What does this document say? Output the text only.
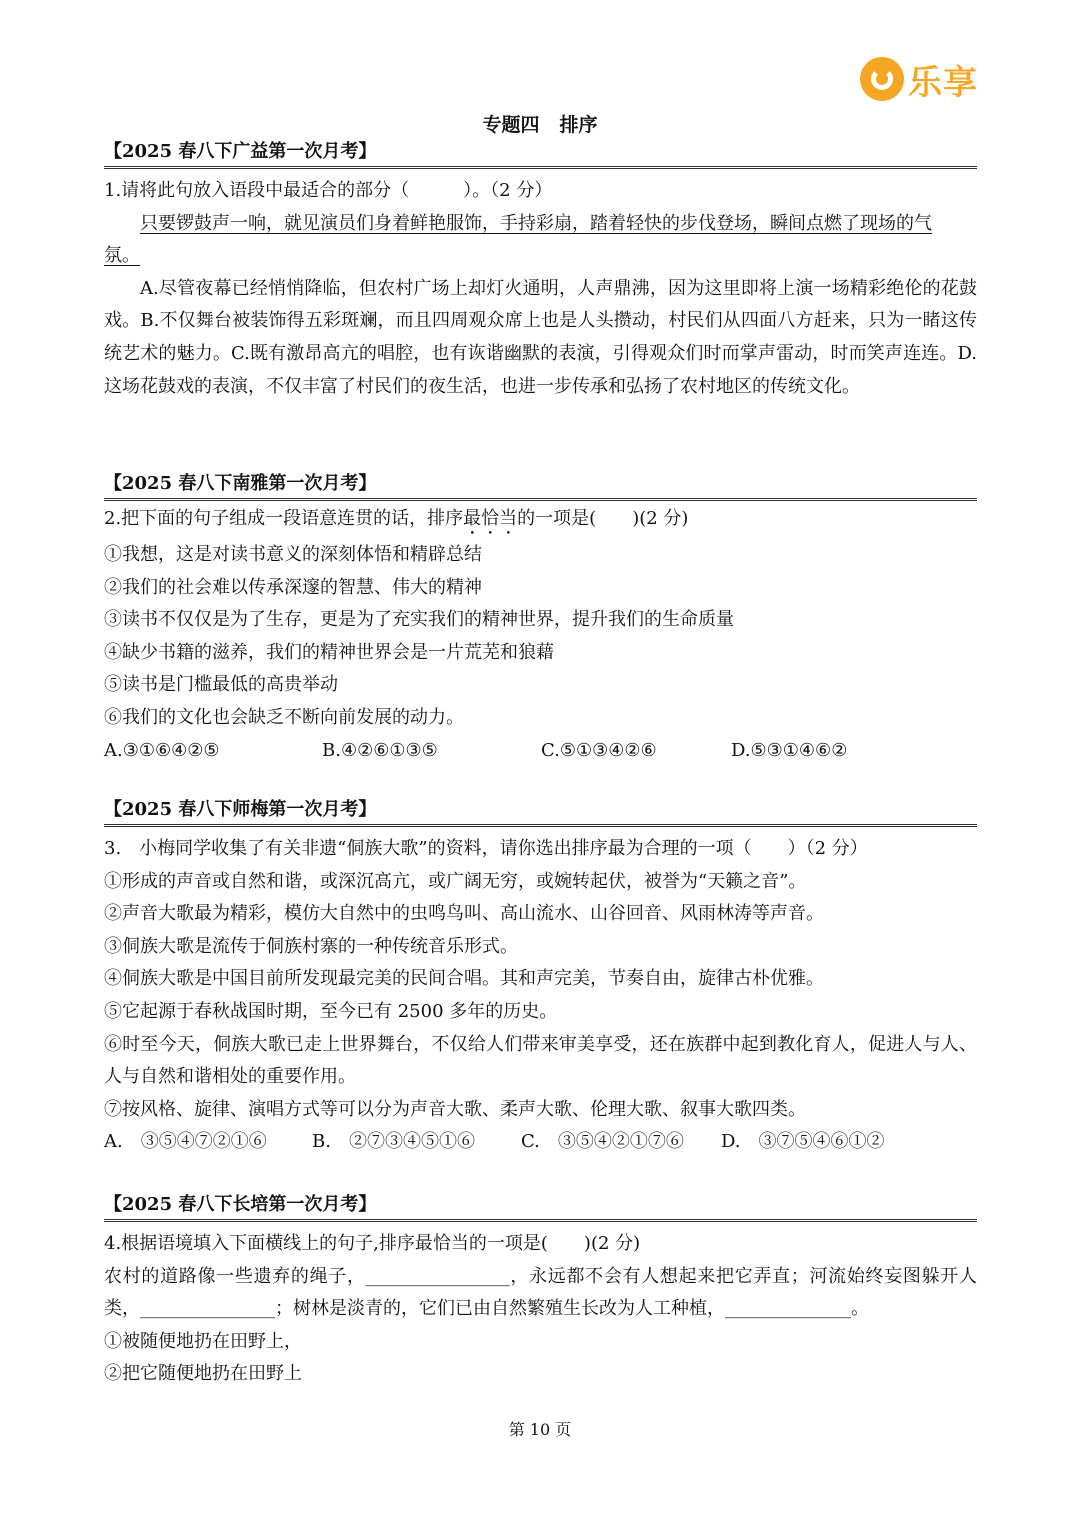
乐享
专题四 排序
【2025 春八下广益第一次月考】
1.请将此句放入语段中最适合的部分（　　　）。（2 分）
只要锣鼓声一响，就见演员们身着鲜艳服饰，手持彩扇，踏着轻快的步伐登场，瞬间点燃了现场的气
氛。
A.尽管夜幕已经悄悄降临，但农村广场上却灯火通明，人声鼎沸，因为这里即将上演一场精彩绝伦的花鼓戏。B.不仅舞台被装饰得五彩斑斓，而且四周观众席上也是人头攒动，村民们从四面八方赶来，只为一睹这传统艺术的魅力。C.既有激昂高亢的唱腔，也有诙谐幽默的表演，引得观众们时而掌声雷动，时而笑声连连。D.这场花鼓戏的表演，不仅丰富了村民们的夜生活，也进一步传承和弘扬了农村地区的传统文化。
【2025 春八下南雅第一次月考】
2.把下面的句子组成一段语意连贯的话，排序最恰当的一项是(　　)(2 分)
①我想，这是对读书意义的深刻体悟和精辟总结
②我们的社会难以传承深邃的智慧、伟大的精神
③读书不仅仅是为了生存，更是为了充实我们的精神世界，提升我们的生命质量
④缺少书籍的滋养，我们的精神世界会是一片荒芜和狼藉
⑤读书是门槛最低的高贵举动
⑥我们的文化也会缺乏不断向前发展的动力。
A.③①⑥④②⑤	B.④②⑥①③⑤	C.⑤①③④②⑥	D.⑤③①④⑥②
【2025 春八下师梅第一次月考】
3.　小梅同学收集了有关非遗“侗族大歌”的资料，请你选出排序最为合理的一项（　　）（2 分）
①形成的声音或自然和谐，或深沉高亢，或广阔无穷，或婉转起伏，被誉为“天籁之音”。
②声音大歌最为精彩，模仿大自然中的虫鸣鸟叫、高山流水、山谷回音、风雨林涛等声音。
③侗族大歌是流传于侗族村寨的一种传统音乐形式。
④侗族大歌是中国目前所发现最完美的民间合唱。其和声完美，节奏自由，旋律古朴优雅。
⑤它起源于春秋战国时期，至今已有 2500 多年的历史。
⑥时至今天，侗族大歌已走上世界舞台，不仅给人们带来审美享受，还在族群中起到教化育人，促进人与人、人与自然和谐相处的重要作用。
⑦按风格、旋律、演唱方式等可以分为声音大歌、柔声大歌、伦理大歌、叙事大歌四类。
A.　③⑤④⑦②①⑥	B.　②⑦③④⑤①⑥	C.　③⑤④②①⑦⑥	D.　③⑦⑤④⑥①②
【2025 春八下长培第一次月考】
4.根据语境填入下面横线上的句子,排序最恰当的一项是(　　)(2 分)
农村的道路像一些遗弃的绳子，________________，永远都不会有人想起来把它弄直；河流始终妄图躲开人类，_______________；树林是淡青的，它们已由自然繁殖生长改为人工种植，______________。
①被随便地扔在田野上，
②把它随便地扔在田野上
第 10 页
